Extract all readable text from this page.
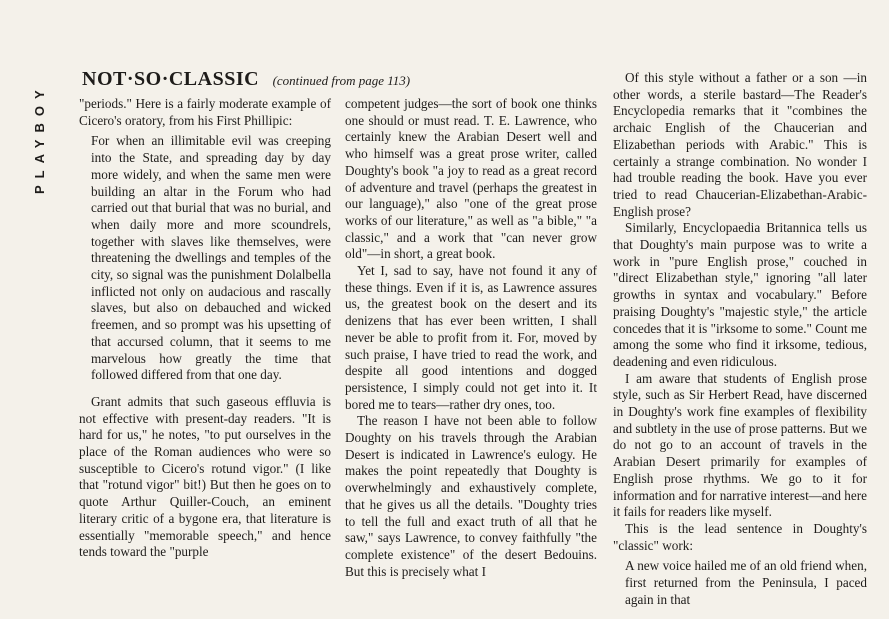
PLAYBOY
NOT·SO·CLASSIC (continued from page 113)

"periods." Here is a fairly moderate example of Cicero's oratory, from his First Phillipic:

For when an illimitable evil was creeping into the State, and spreading day by day more widely, and when the same men were building an altar in the Forum who had carried out that burial that was no burial, and when daily more and more scoundrels, together with slaves like themselves, were threatening the dwellings and temples of the city, so signal was the punishment Dolalbella inflicted not only on audacious and rascally slaves, but also on debauched and wicked freemen, and so prompt was his upsetting of that accursed column, that it seems to me marvelous how greatly the time that followed differed from that one day.

Grant admits that such gaseous effluvia is not effective with present-day readers. "It is hard for us," he notes, "to put ourselves in the place of the Roman audiences who were so susceptible to Cicero's rotund vigor." (I like that "rotund vigor" bit!) But then he goes on to quote Arthur Quiller-Couch, an eminent literary critic of a bygone era, that literature is essentially "memorable speech," and hence tends toward the "purple

competent judges—the sort of book one thinks one should or must read. T. E. Lawrence, who certainly knew the Arabian Desert well and who himself was a great prose writer, called Doughty's book "a joy to read as a great record of adventure and travel (perhaps the greatest in our language)," also "one of the great prose works of our literature," as well as "a bible," "a classic," and a work that "can never grow old"—in short, a great book.

Yet I, sad to say, have not found it any of these things. Even if it is, as Lawrence assures us, the greatest book on the desert and its denizens that has ever been written, I shall never be able to profit from it. For, moved by such praise, I have tried to read the work, and despite all good intentions and dogged persistence, I simply could not get into it. It bored me to tears—rather dry ones, too.

The reason I have not been able to follow Doughty on his travels through the Arabian Desert is indicated in Lawrence's eulogy. He makes the point repeatedly that Doughty is overwhelmingly and exhaustively complete, that he gives us all the details. "Doughty tries to tell the full and exact truth of all that he saw," says Lawrence, to convey faithfully "the complete existence" of the desert Bedouins. But this is precisely what I

Of this style without a father or a son —in other words, a sterile bastard—The Reader's Encyclopedia remarks that it "combines the archaic English of the Chaucerian and Elizabethan periods with Arabic." This is certainly a strange combination. No wonder I had trouble reading the book. Have you ever tried to read Chaucerian-Elizabethan-Arabic-English prose?

Similarly, Encyclopaedia Britannica tells us that Doughty's main purpose was to write a work in "pure English prose," couched in "direct Elizabethan style," ignoring "all later growths in syntax and vocabulary." Before praising Doughty's "majestic style," the article concedes that it is "irksome to some." Count me among the some who find it irksome, tedious, deadening and even ridiculous.

I am aware that students of English prose style, such as Sir Herbert Read, have discerned in Doughty's work fine examples of flexibility and subtlety in the use of prose patterns. But we do not go to an account of travels in the Arabian Desert primarily for examples of English prose rhythms. We go to it for information and for narrative interest—and here it fails for readers like myself.

This is the lead sentence in Doughty's "classic" work:

A new voice hailed me of an old friend when, first returned from the Peninsula, I paced again in that
